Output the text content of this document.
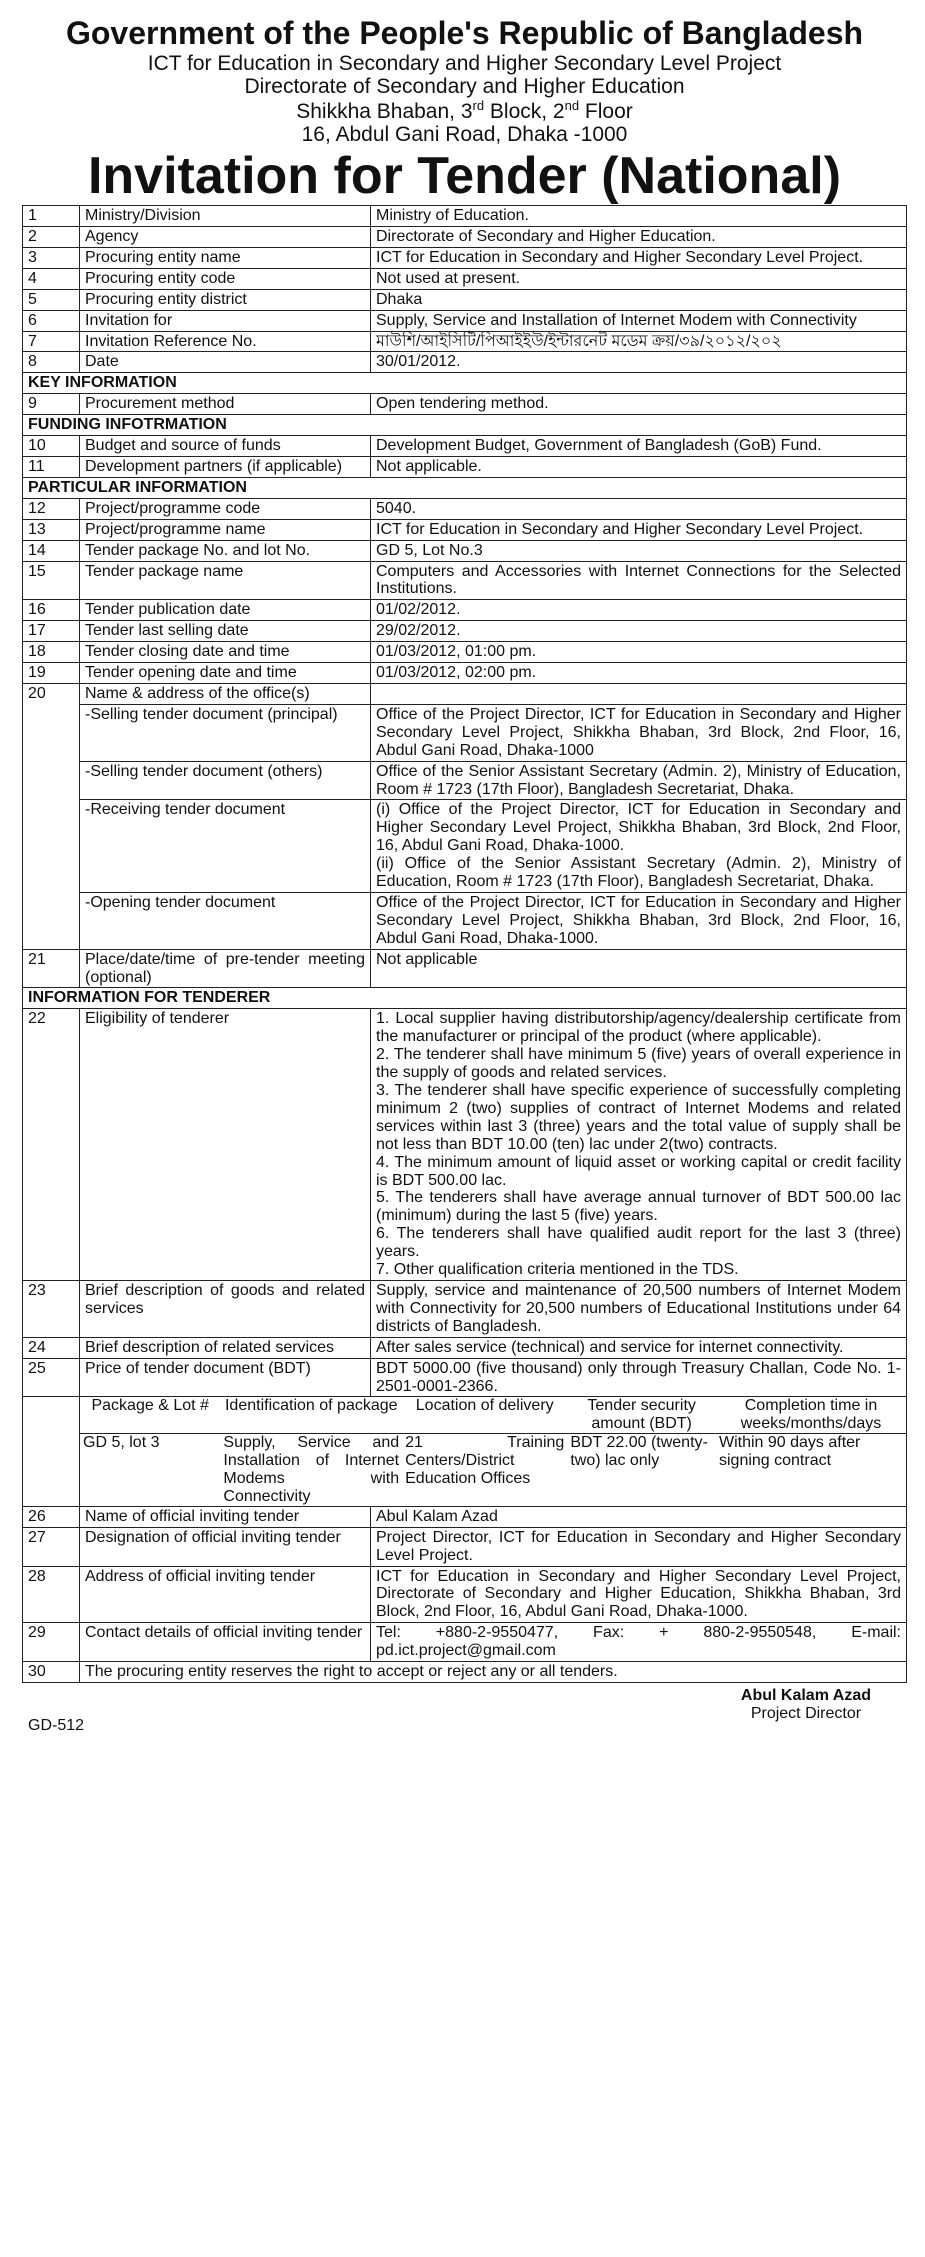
Government of the People's Republic of Bangladesh
ICT for Education in Secondary and Higher Secondary Level Project
Directorate of Secondary and Higher Education
Shikkha Bhaban, 3rd Block, 2nd Floor
16, Abdul Gani Road, Dhaka -1000
Invitation for Tender (National)
1	Ministry/Division	Ministry of Education.
2	Agency	Directorate of Secondary and Higher Education.
3	Procuring entity name	ICT for Education in Secondary and Higher Secondary Level Project.
4	Procuring entity code	Not used at present.
5	Procuring entity district	Dhaka
6	Invitation for	Supply, Service and Installation of Internet Modem with Connectivity
7	Invitation Reference No.	মাউশি/আইসিটি/পিআইইউ/ইন্টারনেট মডেম ক্রয়/৩৯/২০১২/২০২
8	Date	30/01/2012.
KEY INFORMATION
9	Procurement method	Open tendering method.
FUNDING INFOTRMATION
10	Budget and source of funds	Development Budget, Government of Bangladesh (GoB) Fund.
11	Development partners (if applicable)	Not applicable.
PARTICULAR INFORMATION
12	Project/programme code	5040.
13	Project/programme name	ICT for Education in Secondary and Higher Secondary Level Project.
14	Tender package No. and lot No.	GD 5, Lot No.3
15	Tender package name	Computers and Accessories with Internet Connections for the Selected Institutions.
16	Tender publication date	01/02/2012.
17	Tender last selling date	29/02/2012.
18	Tender closing date and time	01/03/2012, 01:00 pm.
19	Tender opening date and time	01/03/2012, 02:00 pm.
20	Name & address of the office(s)	
-Selling tender document (principal)	Office of the Project Director, ICT for Education in Secondary and Higher Secondary Level Project, Shikkha Bhaban, 3rd Block, 2nd Floor, 16, Abdul Gani Road, Dhaka-1000
-Selling tender document (others)	Office of the Senior Assistant Secretary (Admin. 2), Ministry of Education, Room # 1723 (17th Floor), Bangladesh Secretariat, Dhaka.
-Receiving tender document	(i) Office of the Project Director, ICT for Education in Secondary and Higher Secondary Level Project, Shikkha Bhaban, 3rd Block, 2nd Floor, 16, Abdul Gani Road, Dhaka-1000.

(ii) Office of the Senior Assistant Secretary (Admin. 2), Ministry of Education, Room # 1723 (17th Floor), Bangladesh Secretariat, Dhaka.

-Opening tender document	Office of the Project Director, ICT for Education in Secondary and Higher Secondary Level Project, Shikkha Bhaban, 3rd Block, 2nd Floor, 16, Abdul Gani Road, Dhaka-1000.
21	Place/date/time of pre-tender meeting (optional)	Not applicable
INFORMATION FOR TENDERER
22	Eligibility of tenderer	1. Local supplier having distributorship/agency/dealership certificate from the manufacturer or principal of the product (where applicable).

2. The tenderer shall have minimum 5 (five) years of overall experience in the supply of goods and related services.

3. The tenderer shall have specific experience of successfully completing minimum 2 (two) supplies of contract of Internet Modems and related services within last 3 (three) years and the total value of supply shall be not less than BDT 10.00 (ten) lac under 2(two) contracts.

4. The minimum amount of liquid asset or working capital or credit facility is BDT 500.00 lac.

5. The tenderers shall have average annual turnover of BDT 500.00 lac (minimum) during the last 5 (five) years.

6. The tenderers shall have qualified audit report for the last 3 (three) years.

7. Other qualification criteria mentioned in the TDS.

23	Brief description of goods and related services	Supply, service and maintenance of 20,500 numbers of Internet Modem with Connectivity for 20,500 numbers of Educational Institutions under 64 districts of Bangladesh.
24	Brief description of related services	After sales service (technical) and service for internet connectivity.
25	Price of tender document (BDT)	BDT 5000.00 (five thousand) only through Treasury Challan, Code No. 1-2501-0001-2366.

Package & Lot #	Identification of package	Location of delivery	Tender security amount (BDT)	Completion time in weeks/months/days
GD 5, lot 3	Supply, Service and Installation of Internet Modems with Connectivity	21 Training Centers/District Education Offices	BDT 22.00 (twenty-two) lac only	Within 90 days after signing contract

26	Name of official inviting tender	Abul Kalam Azad
27	Designation of official inviting tender	Project Director, ICT for Education in Secondary and Higher Secondary Level Project.
28	Address of official inviting tender	ICT for Education in Secondary and Higher Secondary Level Project, Directorate of Secondary and Higher Education, Shikkha Bhaban, 3rd Block, 2nd Floor, 16, Abdul Gani Road, Dhaka-1000.
29	Contact details of official inviting tender	Tel: +880-2-9550477, Fax: + 880-2-9550548, E-mail: pd.ict.project@gmail.com
30	The procuring entity reserves the right to accept or reject any or all tenders.
Abul Kalam Azad
Project Director
GD-512
